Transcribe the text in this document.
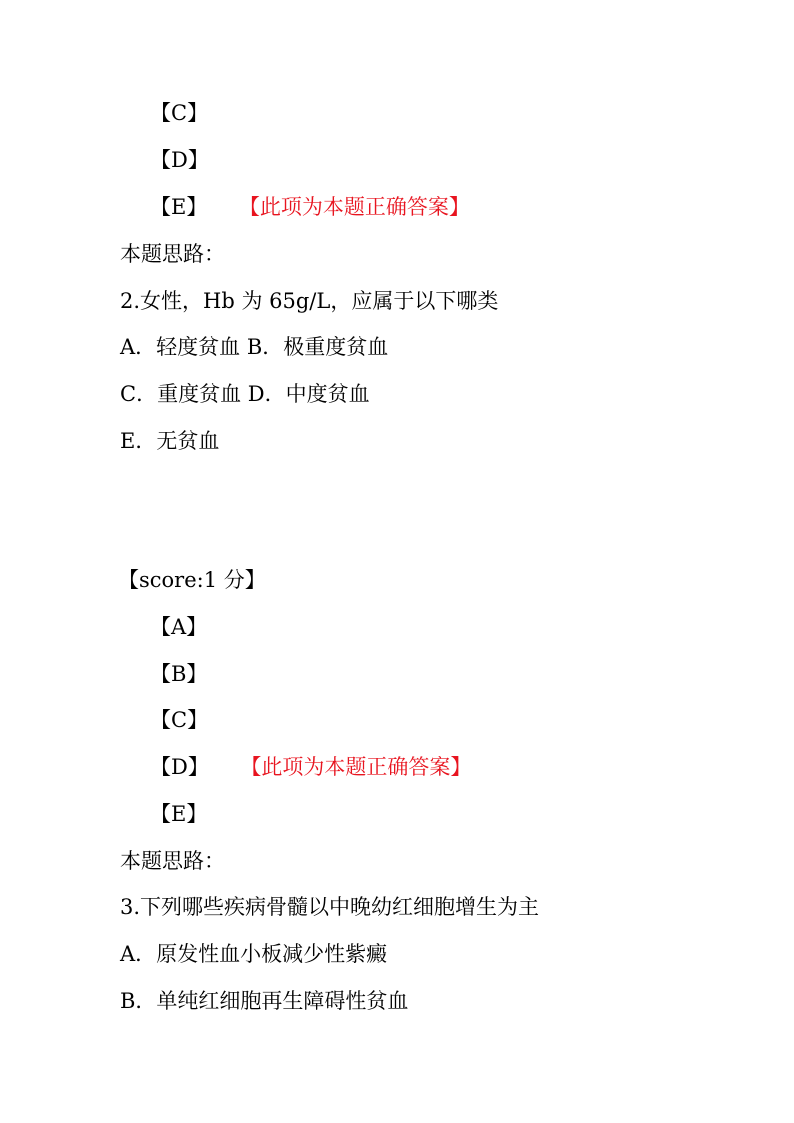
【C】
【D】
【E】 【此项为本题正确答案】
本题思路：
2.女性，Hb 为 65g/L，应属于以下哪类
A．轻度贫血 B．极重度贫血
C．重度贫血 D．中度贫血
E．无贫血
【score:1 分】
【A】
【B】
【C】
【D】 【此项为本题正确答案】
【E】
本题思路：
3.下列哪些疾病骨髓以中晚幼红细胞增生为主
A．原发性血小板减少性紫癜
B．单纯红细胞再生障碍性贫血
